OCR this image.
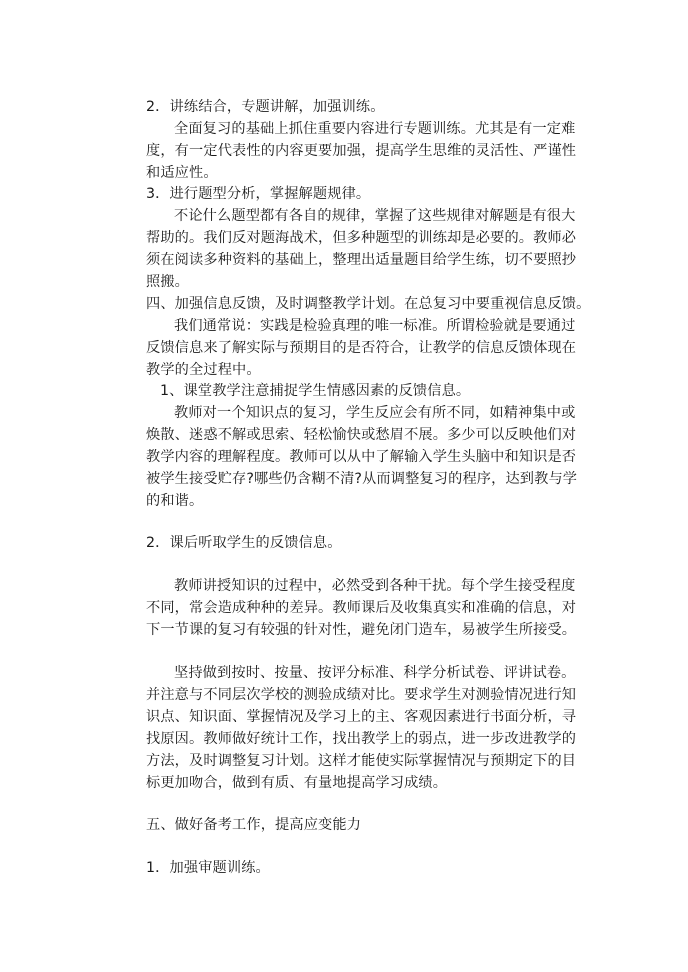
2．讲练结合，专题讲解，加强训练。
全面复习的基础上抓住重要内容进行专题训练。尤其是有一定难
度，有一定代表性的内容更要加强，提高学生思维的灵活性、严谨性
和适应性。
3．进行题型分析，掌握解题规律。
不论什么题型都有各自的规律，掌握了这些规律对解题是有很大
帮助的。我们反对题海战术，但多种题型的训练却是必要的。教师必
须在阅读多种资料的基础上，整理出适量题目给学生练，切不要照抄
照搬。
四、加强信息反馈，及时调整教学计划。在总复习中要重视信息反馈。
我们通常说：实践是检验真理的唯一标准。所谓检验就是要通过
反馈信息来了解实际与预期目的是否符合，让教学的信息反馈体现在
教学的全过程中。
1、课堂教学注意捕捉学生情感因素的反馈信息。
教师对一个知识点的复习，学生反应会有所不同，如精神集中或
焕散、迷惑不解或思索、轻松愉快或愁眉不展。多少可以反映他们对
教学内容的理解程度。教师可以从中了解输入学生头脑中和知识是否
被学生接受贮存?哪些仍含糊不清?从而调整复习的程序，达到教与学
的和谐。
2．课后听取学生的反馈信息。
教师讲授知识的过程中，必然受到各种干扰。每个学生接受程度
不同，常会造成种种的差异。教师课后及收集真实和准确的信息，对
下一节课的复习有较强的针对性，避免闭门造车，易被学生所接受。
坚持做到按时、按量、按评分标准、科学分析试卷、评讲试卷。
并注意与不同层次学校的测验成绩对比。要求学生对测验情况进行知
识点、知识面、掌握情况及学习上的主、客观因素进行书面分析，寻
找原因。教师做好统计工作，找出教学上的弱点，进一步改进教学的
方法，及时调整复习计划。这样才能使实际掌握情况与预期定下的目
标更加吻合，做到有质、有量地提高学习成绩。
五、做好备考工作，提高应变能力
1．加强审题训练。
